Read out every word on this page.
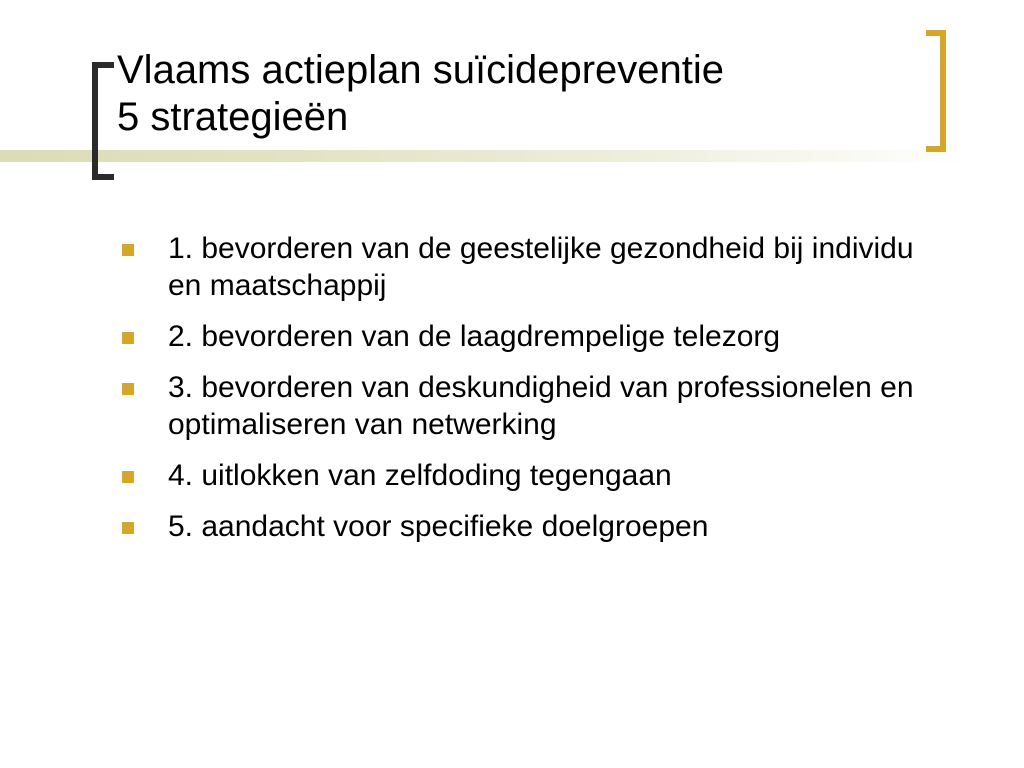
Vlaams actieplan suïcidepreventie
5 strategieën
1. bevorderen van de geestelijke gezondheid bij individu en maatschappij
2. bevorderen van de laagdrempelige telezorg
3. bevorderen van deskundigheid van professionelen en optimaliseren van netwerking
4. uitlokken van zelfdoding tegengaan
5. aandacht voor specifieke doelgroepen
